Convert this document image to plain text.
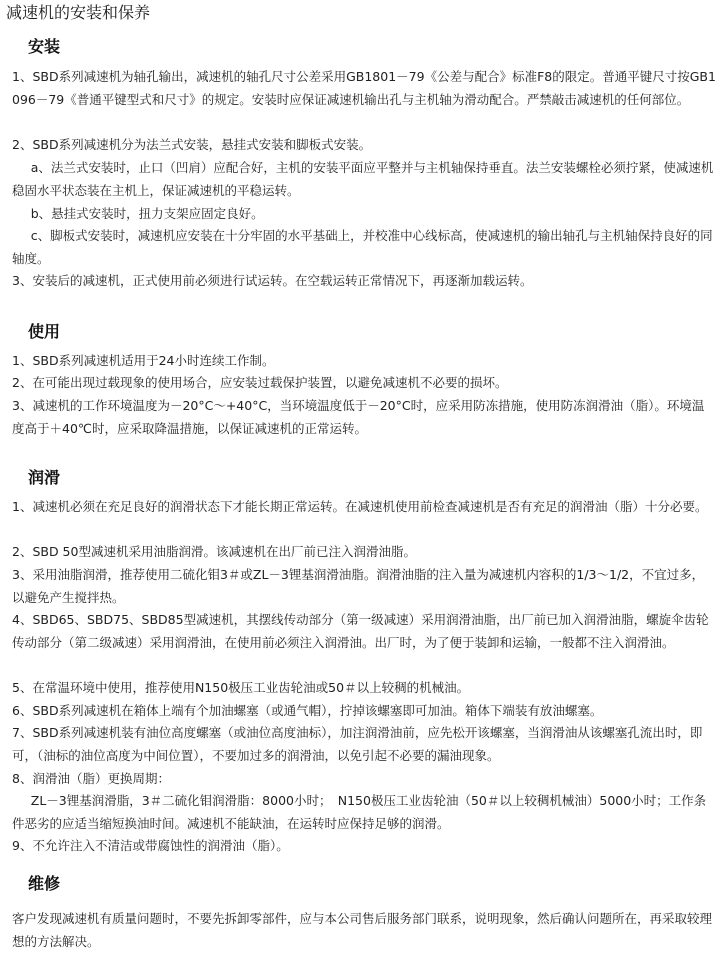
减速机的安装和保养
安装

1、SBD系列减速机为轴孔输出，减速机的轴孔尺寸公差采用GB1801－79《公差与配合》标准F8的限定。普通平键尺寸按GB1096－79《普通平键型式和尺寸》的规定。安装时应保证减速机输出孔与主机轴为滑动配合。严禁敲击减速机的任何部位。

2、SBD系列减速机分为法兰式安装，悬挂式安装和脚板式安装。

a、法兰式安装时，止口（凹肩）应配合好，主机的安装平面应平整并与主机轴保持垂直。法兰安装螺栓必须拧紧，使减速机稳固水平状态装在主机上，保证减速机的平稳运转。

b、悬挂式安装时，扭力支架应固定良好。

c、脚板式安装时，减速机应安装在十分牢固的水平基础上，并校准中心线标高，使减速机的输出轴孔与主机轴保持良好的同轴度。

3、安装后的减速机，正式使用前必须进行试运转。在空载运转正常情况下，再逐渐加载运转。

使用

1、SBD系列减速机适用于24小时连续工作制。

2、在可能出现过载现象的使用场合，应安装过载保护装置，以避免减速机不必要的损坏。

3、减速机的工作环境温度为－20°C～+40°C，当环境温度低于－20°C时，应采用防冻措施，使用防冻润滑油（脂）。环境温度高于＋40℃时，应采取降温措施，以保证减速机的正常运转。

润滑

1、减速机必须在充足良好的润滑状态下才能长期正常运转。在减速机使用前检查减速机是否有充足的润滑油（脂）十分必要。

2、SBD 50型减速机采用油脂润滑。该减速机在出厂前已注入润滑油脂。

3、采用油脂润滑，推荐使用二硫化钼3＃或ZL－3锂基润滑油脂。润滑油脂的注入量为减速机内容积的1/3～1/2，不宜过多，以避免产生搅拌热。

4、SBD65、SBD75、SBD85型减速机，其摆线传动部分（第一级减速）采用润滑油脂，出厂前已加入润滑油脂，螺旋伞齿轮传动部分（第二级减速）采用润滑油，在使用前必须注入润滑油。出厂时，为了便于装卸和运输，一般都不注入润滑油。

5、在常温环境中使用，推荐使用N150极压工业齿轮油或50＃以上较稠的机械油。

6、SBD系列减速机在箱体上端有个加油螺塞（或通气帽），拧掉该螺塞即可加油。箱体下端装有放油螺塞。

7、SBD系列减速机装有油位高度螺塞（或油位高度油标），加注润滑油前，应先松开该螺塞，当润滑油从该螺塞孔流出时，即可，（油标的油位高度为中间位置），不要加过多的润滑油，以免引起不必要的漏油现象。

8、润滑油（脂）更换周期：

ZL－3锂基润滑脂，3＃二硫化钼润滑脂：8000小时；　N150极压工业齿轮油（50＃以上较稠机械油）5000小时；工作条件恶劣的应适当缩短换油时间。减速机不能缺油，在运转时应保持足够的润滑。

9、不允许注入不清洁或带腐蚀性的润滑油（脂）。

维修

客户发现减速机有质量问题时，不要先拆卸零部件，应与本公司售后服务部门联系，说明现象，然后确认问题所在，再采取较理想的方法解决。
